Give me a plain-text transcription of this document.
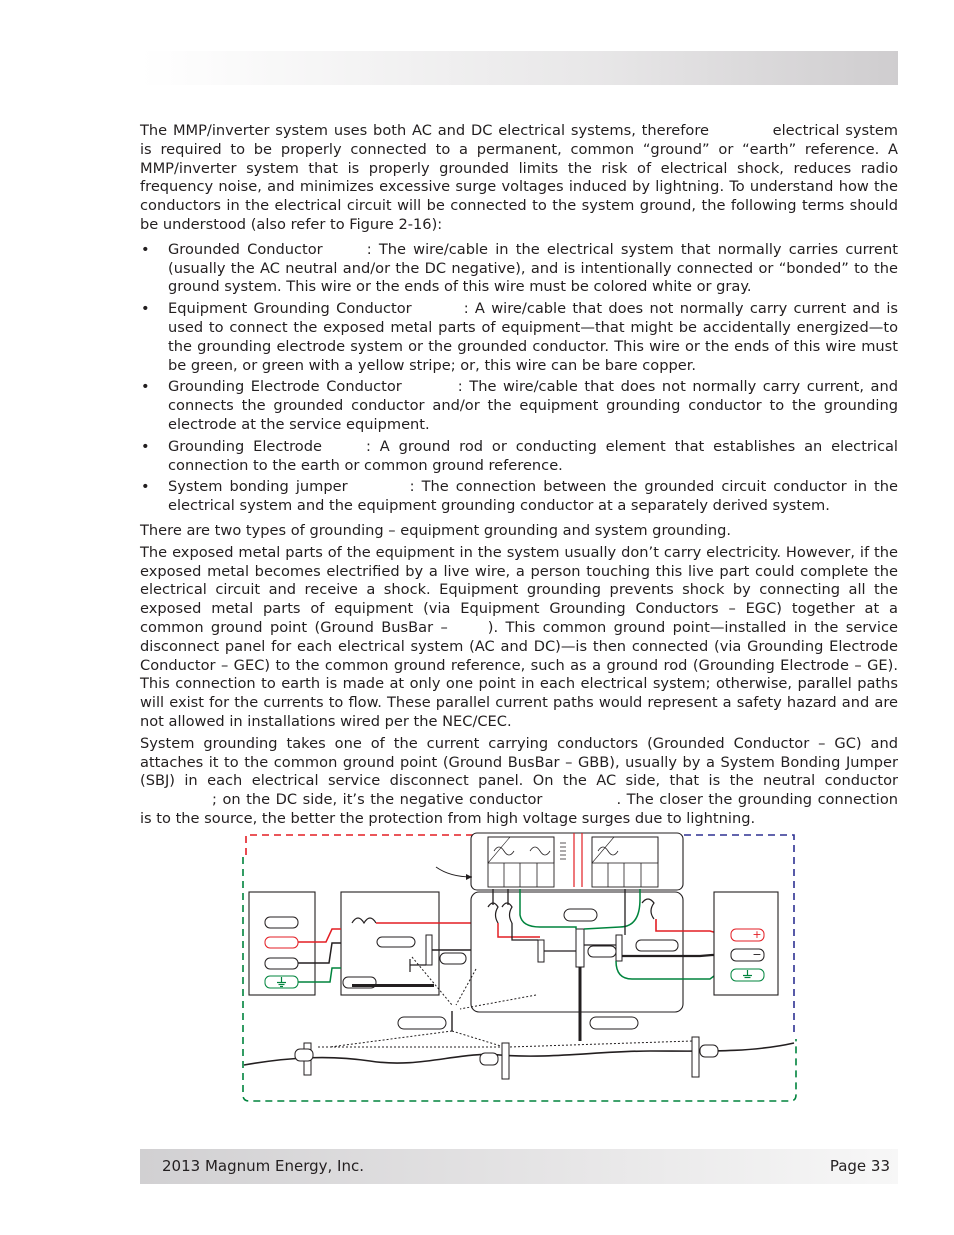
The MMP/inverter system uses both AC and DC electrical systems, therefore	electrical system is required to be properly connected to a permanent, common “ground” or “earth” reference. A MMP/inverter system that is properly grounded limits the risk of electrical shock, reduces radio frequency noise, and minimizes excessive surge voltages induced by lightning. To understand how the conductors in the electrical circuit will be connected to the system ground, the following terms should be understood (also refer to Figure 2-16):

• Grounded Conductor	: The wire/cable in the electrical system that normally carries current (usually the AC neutral and/or the DC negative), and is intentionally connected or “bonded” to the ground system. This wire or the ends of this wire must be colored white or gray.
• Equipment Grounding Conductor	: A wire/cable that does not normally carry current and is used to connect the exposed metal parts of equipment—that might be accidentally energized—to the grounding electrode system or the grounded conductor. This wire or the ends of this wire must be green, or green with a yellow stripe; or, this wire can be bare copper.
• Grounding Electrode Conductor	: The wire/cable that does not normally carry current, and connects the grounded conductor and/or the equipment grounding conductor to the grounding electrode at the service equipment.
• Grounding Electrode	: A ground rod or conducting element that establishes an electrical connection to the earth or common ground reference.
• System bonding jumper	: The connection between the grounded circuit conductor in the electrical system and the equipment grounding conductor at a separately derived system.

There are two types of grounding – equipment grounding and system grounding.

The exposed metal parts of the equipment in the system usually don’t carry electricity. However, if the exposed metal becomes electrified by a live wire, a person touching this live part could complete the electrical circuit and receive a shock. Equipment grounding prevents shock by connecting all the exposed metal parts of equipment (via Equipment Grounding Conductors – EGC) together at a common ground point (Ground BusBar –	). This common ground point—installed in the service disconnect panel for each electrical system (AC and DC)—is then connected (via Grounding Electrode Conductor – GEC) to the common ground reference, such as a ground rod (Grounding Electrode – GE). This connection to earth is made at only one point in each electrical system; otherwise, parallel paths will exist for the currents to flow. These parallel current paths would represent a safety hazard and are not allowed in installations wired per the NEC/CEC.

System grounding takes one of the current carrying conductors (Grounded Conductor – GC) and attaches it to the common ground point (Ground BusBar – GBB), usually by a System Bonding Jumper (SBJ) in each electrical service disconnect panel. On the AC side, that is the neutral conductor; on the DC side, it’s the negative conductor	. The closer the grounding connection is to the source, the better the protection from high voltage surges due to lightning.

+
−
2013 Magnum Energy, Inc.	Page 33
